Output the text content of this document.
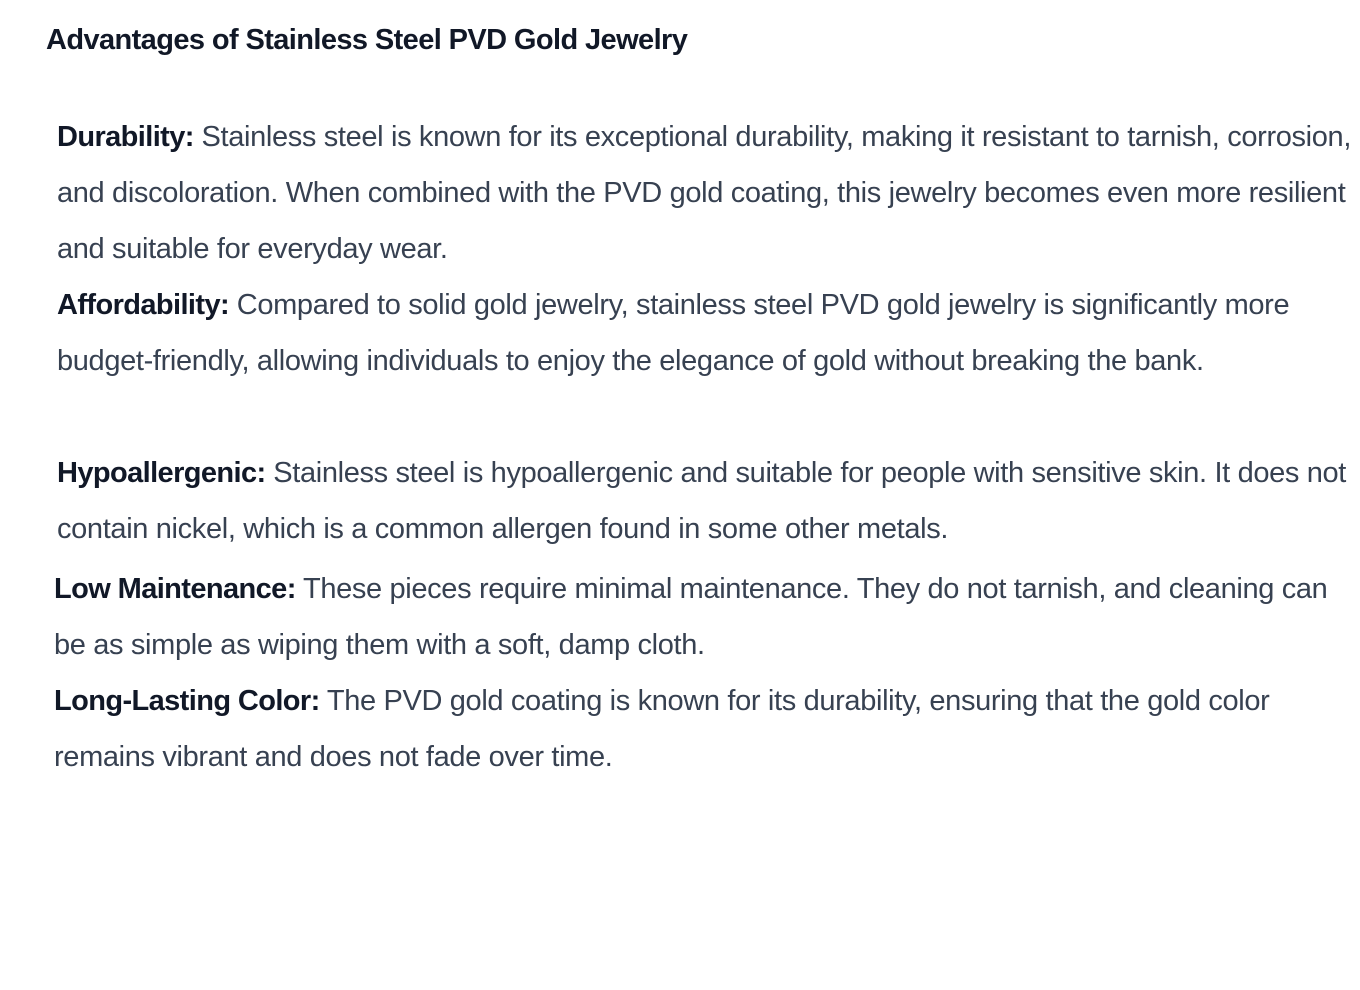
Advantages of Stainless Steel PVD Gold Jewelry

Durability: Stainless steel is known for its exceptional durability, making it resistant to tarnish, corrosion, and discoloration. When combined with the PVD gold coating, this jewelry becomes even more resilient and suitable for everyday wear.

Affordability: Compared to solid gold jewelry, stainless steel PVD gold jewelry is significantly more budget-friendly, allowing individuals to enjoy the elegance of gold without breaking the bank.

Hypoallergenic: Stainless steel is hypoallergenic and suitable for people with sensitive skin. It does not contain nickel, which is a common allergen found in some other metals.

Low Maintenance: These pieces require minimal maintenance. They do not tarnish, and cleaning can be as simple as wiping them with a soft, damp cloth.

Long-Lasting Color: The PVD gold coating is known for its durability, ensuring that the gold color remains vibrant and does not fade over time.
